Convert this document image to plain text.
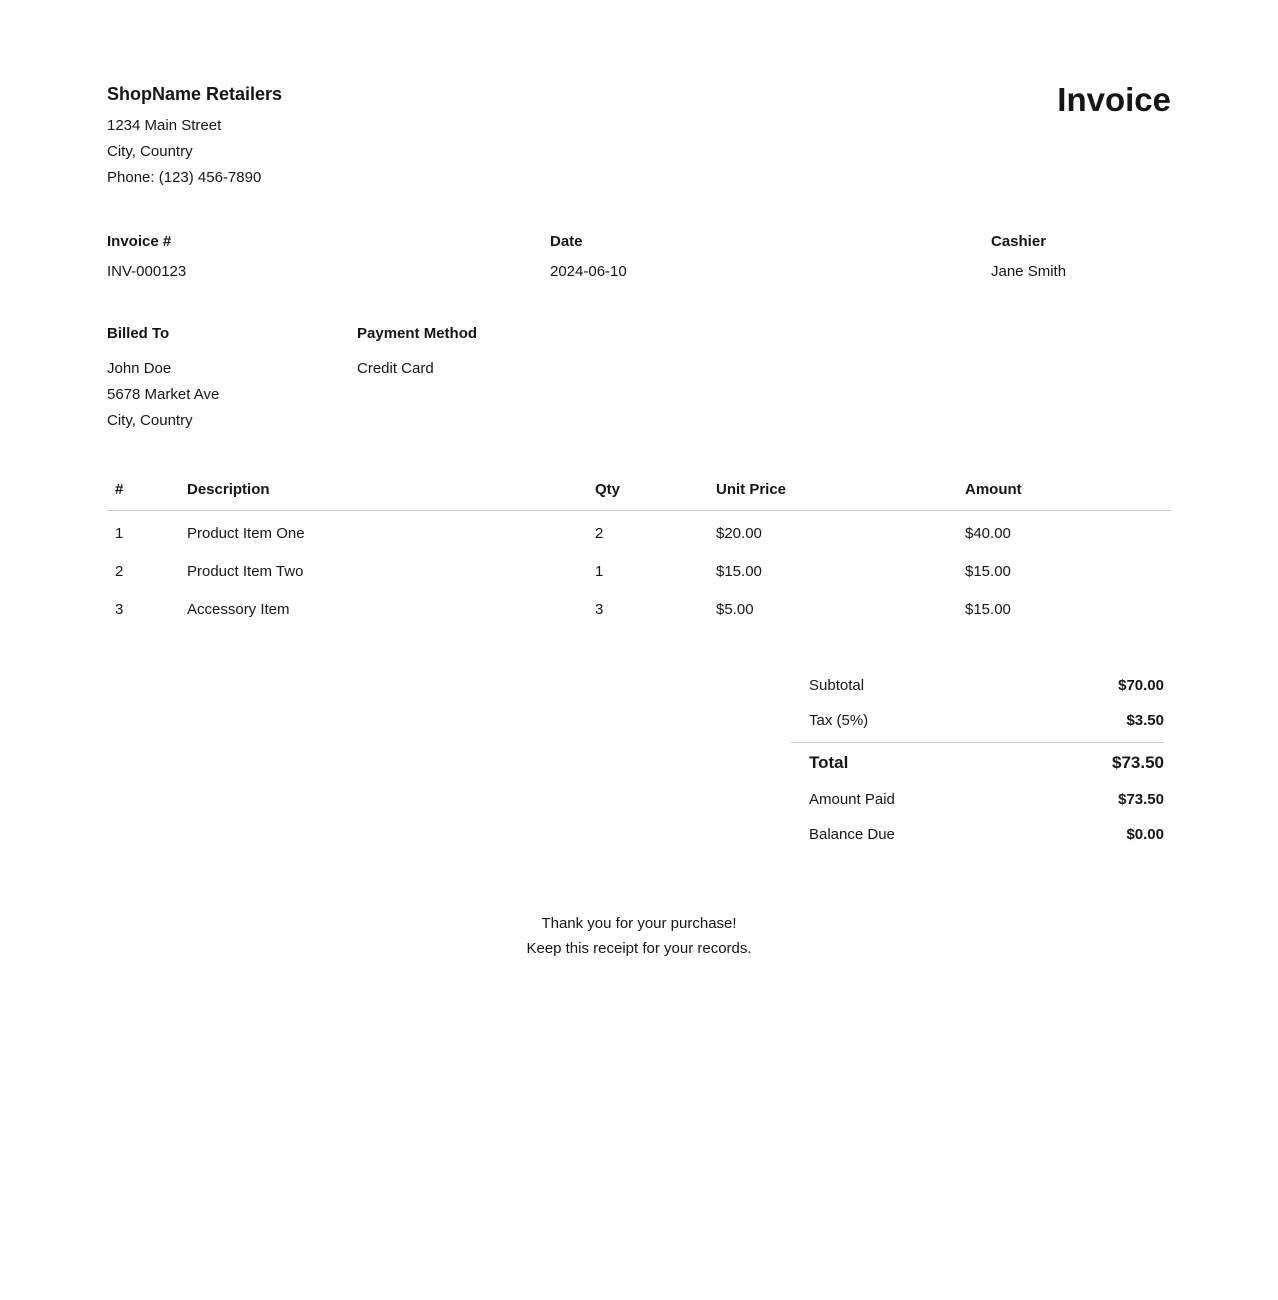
ShopName Retailers
1234 Main Street
City, Country
Phone: (123) 456-7890
Invoice
Invoice #
INV-000123
Date
2024-06-10
Cashier
Jane Smith
Billed To
John Doe
5678 Market Ave
City, Country
Payment Method
Credit Card
#	Description	Qty	Unit Price	Amount
1	Product Item One	2	$20.00	$40.00
2	Product Item Two	1	$15.00	$15.00
3	Accessory Item	3	$5.00	$15.00
Subtotal	$70.00
Tax (5%)	$3.50
Total	$73.50
Amount Paid	$73.50
Balance Due	$0.00
Thank you for your purchase!
Keep this receipt for your records.
